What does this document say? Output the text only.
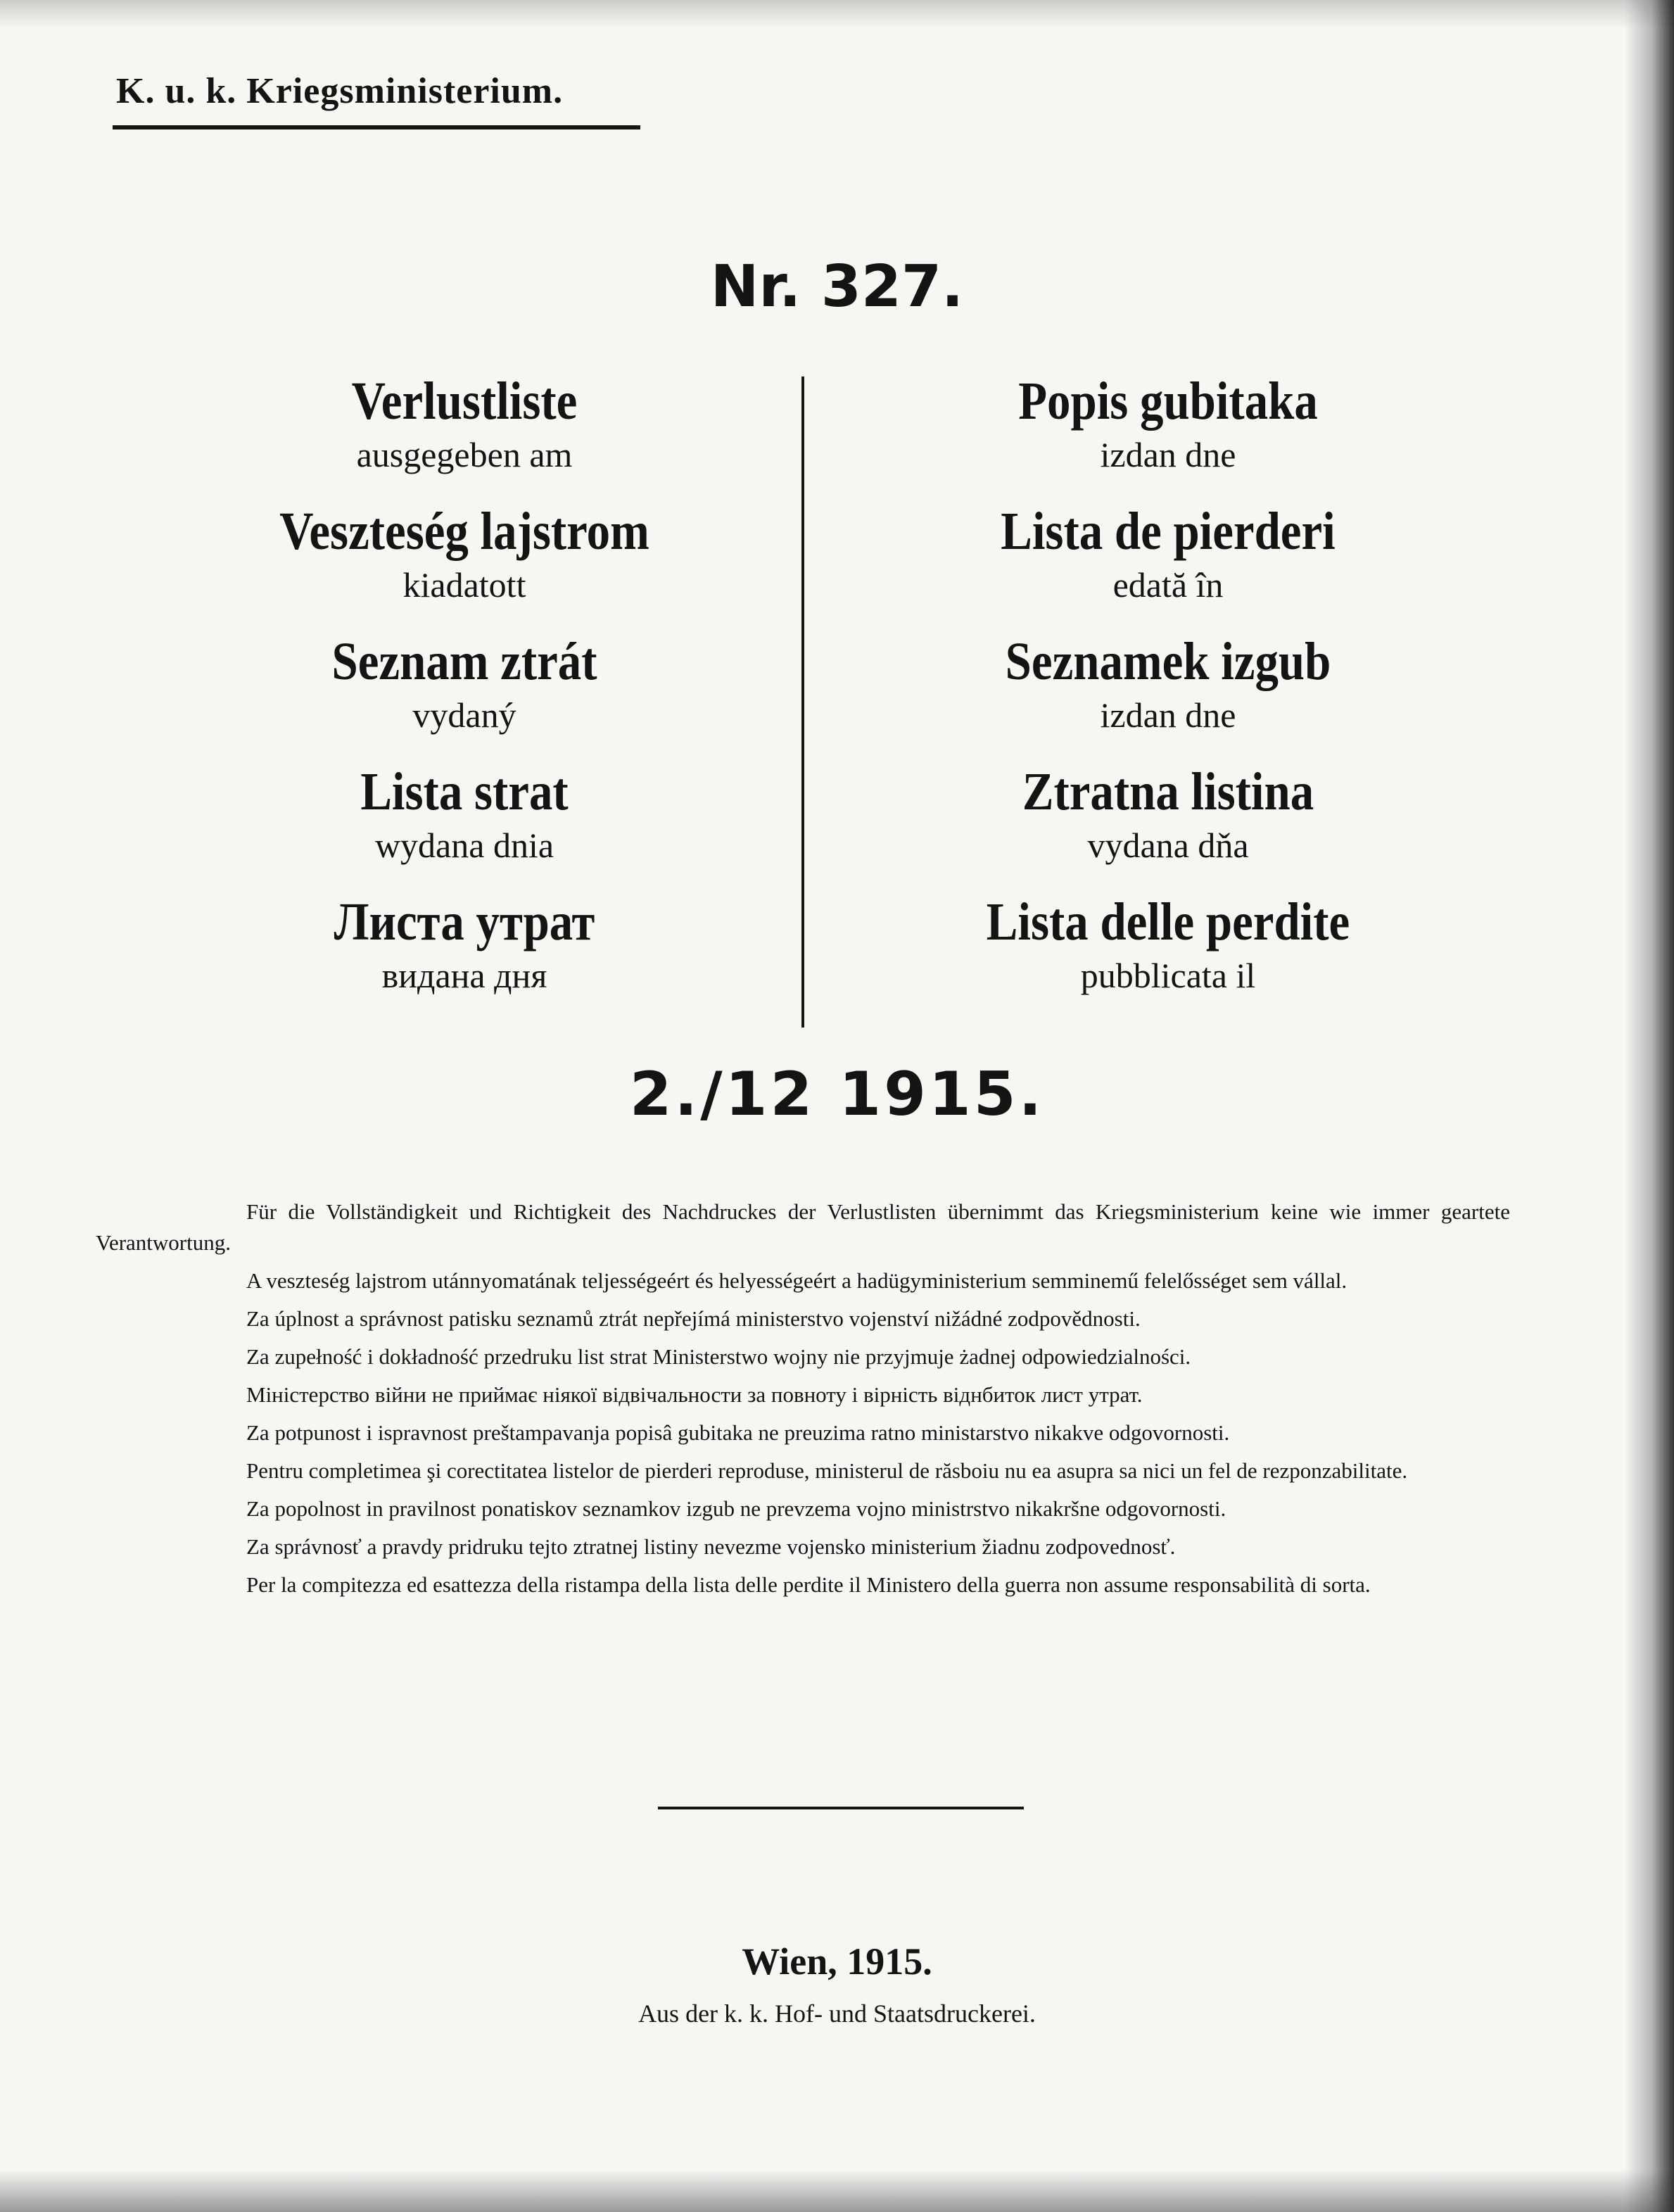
K. u. k. Kriegsministerium.
Nr. 327.
Verlustliste
ausgegeben am
Veszteség lajstrom
kiadatott
Seznam ztrát
vydaný
Lista strat
wydana dnia
Листа утрат
видана дня
Popis gubitaka
izdan dne
Lista de pierderi
edată în
Seznamek izgub
izdan dne
Ztratna listina
vydana dňa
Lista delle perdite
pubblicata il
2./12 1915.

Für die Vollständigkeit und Richtigkeit des Nachdruckes der Verlustlisten übernimmt das Kriegsministerium keine wie immer geartete Verantwortung.

A veszteség lajstrom utánnyomatának teljességeért és helyességeért a hadügyministerium semminemű felelősséget sem vállal.

Za úplnost a správnost patisku seznamů ztrát nepřejímá ministerstvo vojenství nižádné zodpovědnosti.

Za zupełność i dokładność przedruku list strat Ministerstwo wojny nie przyjmuje żadnej odpowiedzialności.

Міністерство війни не приймає ніякої відвічальности за повноту і вірність віднбиток лист утрат.

Za potpunost i ispravnost preštampavanja popisâ gubitaka ne preuzima ratno ministarstvo nikakve odgovornosti.

Pentru completimea şi corectitatea listelor de pierderi reproduse, ministerul de răsboiu nu ea asupra sa nici un fel de rezponzabilitate.

Za popolnost in pravilnost ponatiskov seznamkov izgub ne prevzema vojno ministrstvo nikakršne odgovornosti.

Za správnosť a pravdy pridruku tejto ztratnej listiny nevezme vojensko ministerium žiadnu zodpovednosť.

Per la compitezza ed esattezza della ristampa della lista delle perdite il Ministero della guerra non assume responsabilità di sorta.

Wien, 1915.
Aus der k. k. Hof- und Staatsdruckerei.
